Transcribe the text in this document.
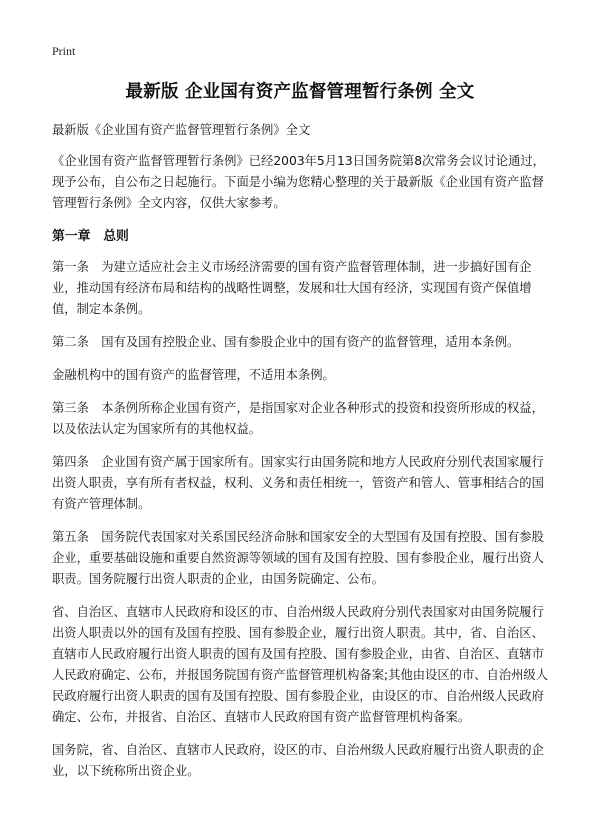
Print
最新版 企业国有资产监督管理暂行条例 全文

最新版《企业国有资产监督管理暂行条例》全文

《企业国有资产监督管理暂行条例》已经2003年5月13日国务院第8次常务会议讨论通过，现予公布，自公布之日起施行。下面是小编为您精心整理的关于最新版《企业国有资产监督管理暂行条例》全文内容，仅供大家参考。

第一章　总则

第一条　为建立适应社会主义市场经济需要的国有资产监督管理体制，进一步搞好国有企业，推动国有经济布局和结构的战略性调整，发展和壮大国有经济，实现国有资产保值增值，制定本条例。

第二条　国有及国有控股企业、国有参股企业中的国有资产的监督管理，适用本条例。

金融机构中的国有资产的监督管理，不适用本条例。

第三条　本条例所称企业国有资产，是指国家对企业各种形式的投资和投资所形成的权益，以及依法认定为国家所有的其他权益。

第四条　企业国有资产属于国家所有。国家实行由国务院和地方人民政府分别代表国家履行出资人职责，享有所有者权益，权利、义务和责任相统一，管资产和管人、管事相结合的国有资产管理体制。

第五条　国务院代表国家对关系国民经济命脉和国家安全的大型国有及国有控股、国有参股企业，重要基础设施和重要自然资源等领域的国有及国有控股、国有参股企业，履行出资人职责。国务院履行出资人职责的企业，由国务院确定、公布。

省、自治区、直辖市人民政府和设区的市、自治州级人民政府分别代表国家对由国务院履行出资人职责以外的国有及国有控股、国有参股企业，履行出资人职责。其中，省、自治区、直辖市人民政府履行出资人职责的国有及国有控股、国有参股企业，由省、自治区、直辖市人民政府确定、公布，并报国务院国有资产监督管理机构备案;其他由设区的市、自治州级人民政府履行出资人职责的国有及国有控股、国有参股企业，由设区的市、自治州级人民政府确定、公布，并报省、自治区、直辖市人民政府国有资产监督管理机构备案。

国务院，省、自治区、直辖市人民政府，设区的市、自治州级人民政府履行出资人职责的企业，以下统称所出资企业。
